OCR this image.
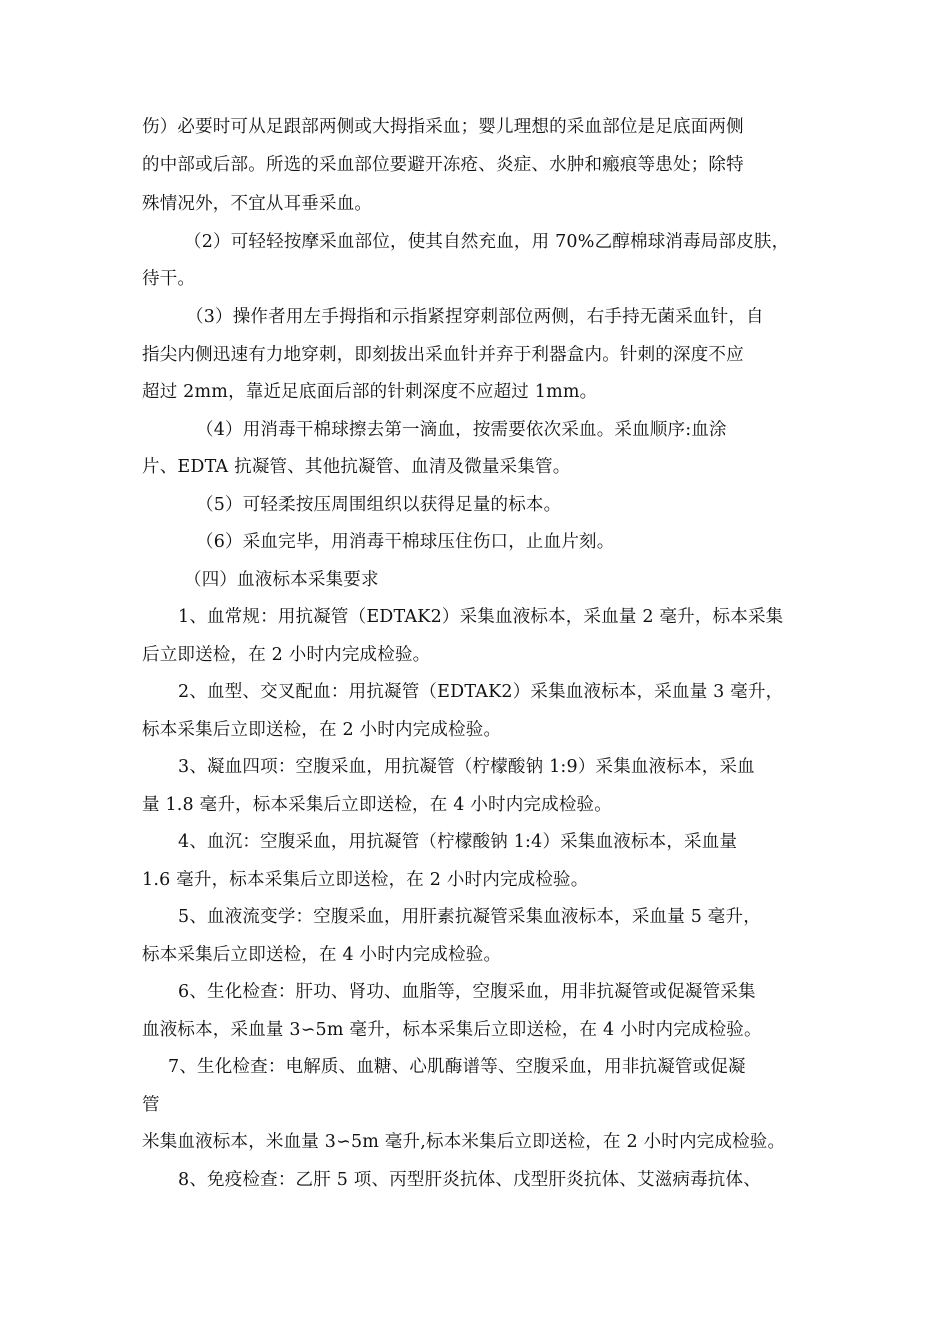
伤）必要时可从足跟部两侧或大拇指采血；婴儿理想的采血部位是足底面两侧
的中部或后部。所选的采血部位要避开冻疮、炎症、水肿和瘢痕等患处；除特
殊情况外，不宜从耳垂采血。
（2）可轻轻按摩采血部位，使其自然充血，用 70%乙醇棉球消毒局部皮肤，
待干。
（3）操作者用左手拇指和示指紧捏穿刺部位两侧，右手持无菌采血针，自
指尖内侧迅速有力地穿刺，即刻拔出采血针并弃于利器盒内。针刺的深度不应
超过 2mm，靠近足底面后部的针刺深度不应超过 1mm。
（4）用消毒干棉球擦去第一滴血，按需要依次采血。采血顺序:血涂
片、EDTA 抗凝管、其他抗凝管、血清及微量采集管。
（5）可轻柔按压周围组织以获得足量的标本。
（6）采血完毕，用消毒干棉球压住伤口，止血片刻。
（四）血液标本采集要求
1、血常规：用抗凝管（EDTAK2）采集血液标本，采血量 2 毫升，标本采集
后立即送检，在 2 小时内完成检验。
2、血型、交叉配血：用抗凝管（EDTAK2）采集血液标本，采血量 3 毫升，
标本采集后立即送检，在 2 小时内完成检验。
3、凝血四项：空腹采血，用抗凝管（柠檬酸钠 1:9）采集血液标本，采血
量 1.8 毫升，标本采集后立即送检，在 4 小时内完成检验。
4、血沉：空腹采血，用抗凝管（柠檬酸钠 1:4）采集血液标本，采血量
1.6 毫升，标本采集后立即送检，在 2 小时内完成检验。
5、血液流变学：空腹采血，用肝素抗凝管采集血液标本，采血量 5 毫升，
标本采集后立即送检，在 4 小时内完成检验。
6、生化检查：肝功、肾功、血脂等，空腹采血，用非抗凝管或促凝管采集
血液标本，采血量 3∽5m 毫升，标本采集后立即送检，在 4 小时内完成检验。
7、生化检查：电解质、血糖、心肌酶谱等、空腹采血，用非抗凝管或促凝
管
米集血液标本，米血量 3∽5m 毫升,标本米集后立即送检，在 2 小时内完成检验。
8、免疫检查：乙肝 5 项、丙型肝炎抗体、戊型肝炎抗体、艾滋病毒抗体、
